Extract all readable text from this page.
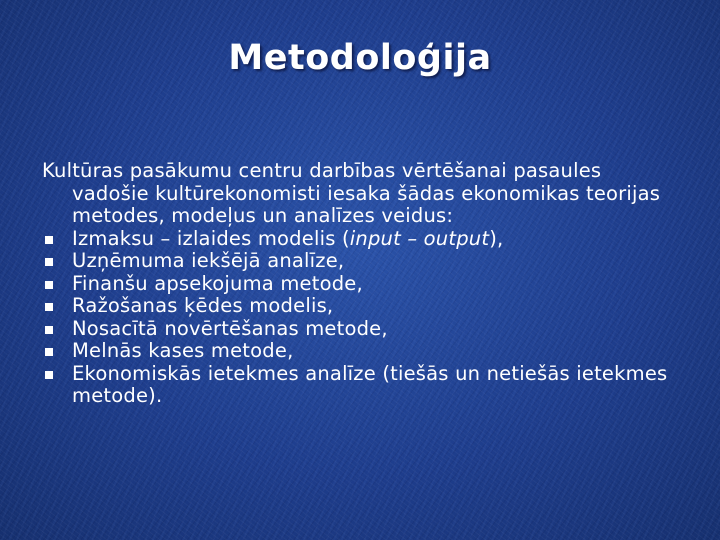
Metodoloģija

Kultūras pasākumu centru darbības vērtēšanai pasaules vadošie kultūrekonomisti iesaka šādas ekonomikas teorijas metodes, modeļus un analīzes veidus:

Izmaksu – izlaides modelis (input – output),
Uzņēmuma iekšējā analīze,
Finanšu apsekojuma metode,
Ražošanas ķēdes modelis,
Nosacītā novērtēšanas metode,
Melnās kases metode,
Ekonomiskās ietekmes analīze (tiešās un netiešās ietekmes metode).
